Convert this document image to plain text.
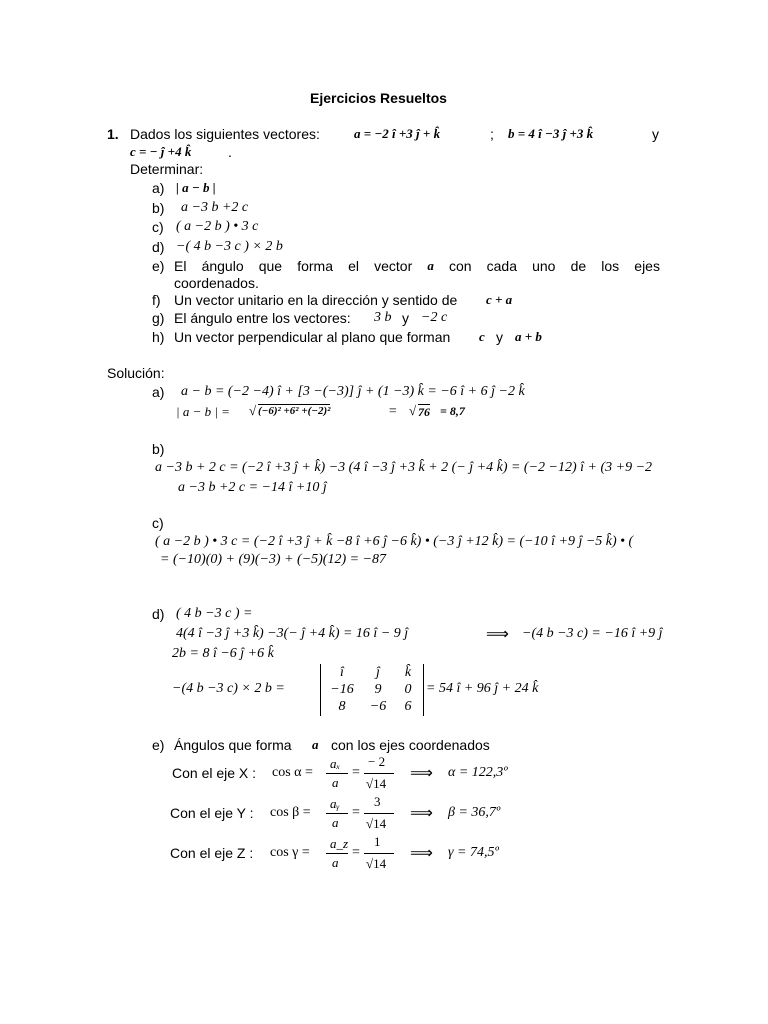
Ejercicios Resueltos
1. Dados los siguientes vectores:	a = −2 î +3 ĵ + k̂	; b = 4 î −3 ĵ +3 k̂	y
c = − ĵ +4 k̂	.
Determinar:
a) | a − b |
b) a −3 b +2 c
c) ( a −2 b ) • 3 c
d) −( 4 b −3 c ) × 2 b
e) El ángulo que forma el vector a con cada uno de los ejes
coordenados.
f) Un vector unitario en la dirección y sentido de c + a
g) El ángulo entre los vectores: 3 b y −2 c
h) Un vector perpendicular al plano que forman c y a + b
Solución:
a) a − b = (−2 −4) î + [3 −(−3)] ĵ + (1 −3) k̂ = −6 î + 6 ĵ −2 k̂
| a − b | = √ (−6)² +6² +(−2)²	= √ 76 = 8,7
b)
a −3 b + 2 c = (−2 î +3 ĵ + k̂) −3 (4 î −3 ĵ +3 k̂ + 2 (− ĵ +4 k̂) = (−2 −12) î + (3 +9 −2
a −3 b +2 c = −14 î +10 ĵ
c)
( a −2 b ) • 3 c = (−2 î +3 ĵ + k̂ −8 î +6 ĵ −6 k̂) • (−3 ĵ +12 k̂) = (−10 î +9 ĵ −5 k̂) • (
= (−10)(0) + (9)(−3) + (−5)(12) = −87
d) ( 4 b −3 c ) =
4(4 î −3 ĵ +3 k̂) −3(− ĵ +4 k̂) = 16 î − 9 ĵ	⟹ −(4 b −3 c) = −16 î +9 ĵ
2b = 8 î −6 ĵ +6 k̂
−(4 b −3 c) × 2 b =
î	ĵ	k̂
−16	9	0
8	−6	6
= 54 î + 96 ĵ + 24 k̂
e) Ángulos que forma a con los ejes coordenados
Con el eje X : cos α =
aₓ
a
=
− 2
√14
⟹ α = 122,3º
Con el eje Y : cos β =
aᵧ
a
=
3
√14
⟹ β = 36,7º
Con el eje Z : cos γ =
a_z
a
=
1
√14
⟹ γ = 74,5º
